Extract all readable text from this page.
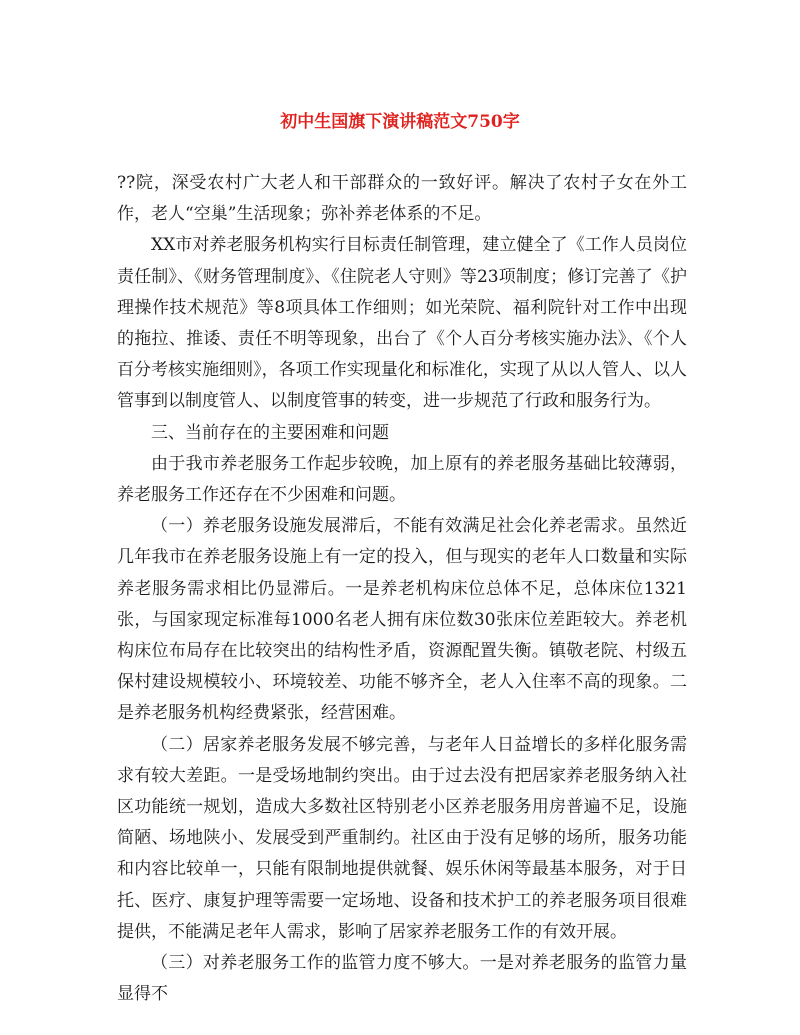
初中生国旗下演讲稿范文750字

??院，深受农村广大老人和干部群众的一致好评。解决了农村子女在外工作，老人“空巢”生活现象；弥补养老体系的不足。

XX市对养老服务机构实行目标责任制管理，建立健全了《工作人员岗位责任制》、《财务管理制度》、《住院老人守则》等23项制度；修订完善了《护理操作技术规范》等8项具体工作细则；如光荣院、福利院针对工作中出现的拖拉、推诿、责任不明等现象，出台了《个人百分考核实施办法》、《个人百分考核实施细则》，各项工作实现量化和标准化，实现了从以人管人、以人管事到以制度管人、以制度管事的转变，进一步规范了行政和服务行为。

三、当前存在的主要困难和问题

由于我市养老服务工作起步较晚，加上原有的养老服务基础比较薄弱，养老服务工作还存在不少困难和问题。

（一）养老服务设施发展滞后，不能有效满足社会化养老需求。虽然近几年我市在养老服务设施上有一定的投入，但与现实的老年人口数量和实际养老服务需求相比仍显滞后。一是养老机构床位总体不足，总体床位1321张，与国家现定标准每1000名老人拥有床位数30张床位差距较大。养老机构床位布局存在比较突出的结构性矛盾，资源配置失衡。镇敬老院、村级五保村建设规模较小、环境较差、功能不够齐全，老人入住率不高的现象。二是养老服务机构经费紧张，经营困难。

（二）居家养老服务发展不够完善，与老年人日益增长的多样化服务需求有较大差距。一是受场地制约突出。由于过去没有把居家养老服务纳入社区功能统一规划，造成大多数社区特别老小区养老服务用房普遍不足，设施简陋、场地陕小、发展受到严重制约。社区由于没有足够的场所，服务功能和内容比较单一，只能有限制地提供就餐、娱乐休闲等最基本服务，对于日托、医疗、康复护理等需要一定场地、设备和技术护工的养老服务项目很难提供，不能满足老年人需求，影响了居家养老服务工作的有效开展。

（三）对养老服务工作的监管力度不够大。一是对养老服务的监管力量显得不
